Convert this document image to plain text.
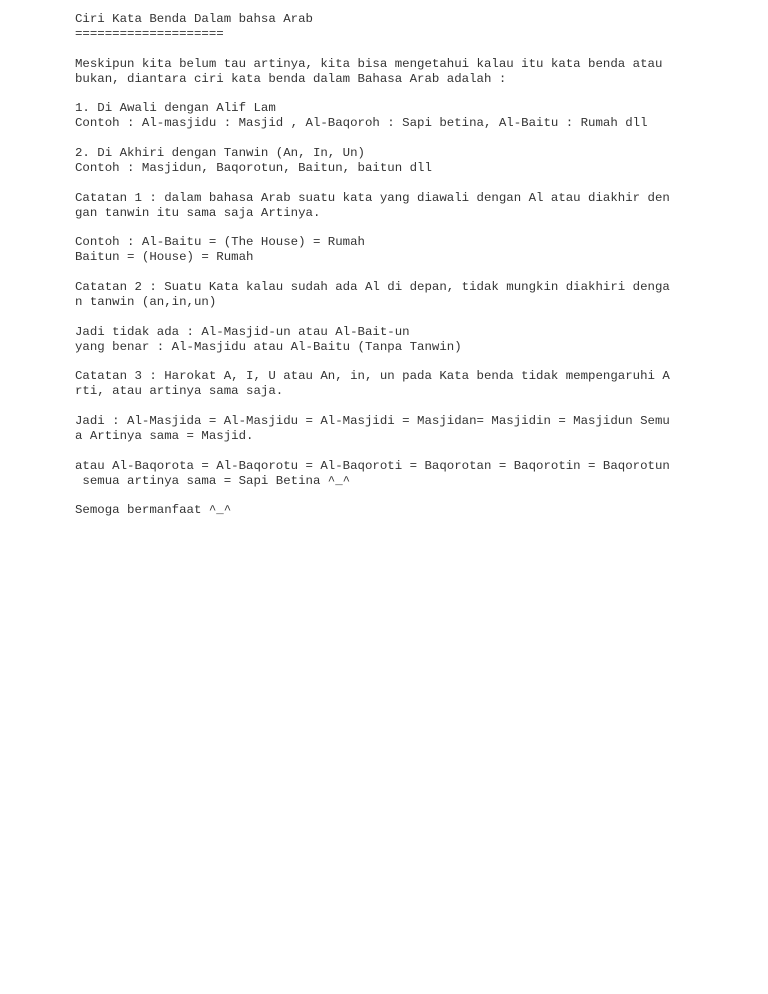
Ciri Kata Benda Dalam bahsa Arab
====================
Meskipun kita belum tau artinya, kita bisa mengetahui kalau itu kata benda atau
bukan, diantara ciri kata benda dalam Bahasa Arab adalah :
1. Di Awali dengan Alif Lam
Contoh : Al-masjidu : Masjid , Al-Baqoroh : Sapi betina, Al-Baitu : Rumah dll
2. Di Akhiri dengan Tanwin (An, In, Un)
Contoh : Masjidun, Baqorotun, Baitun, baitun dll
Catatan 1 : dalam bahasa Arab suatu kata yang diawali dengan Al atau diakhir den
gan tanwin itu sama saja Artinya.
Contoh : Al-Baitu = (The House) = Rumah
Baitun = (House) = Rumah
Catatan 2 : Suatu Kata kalau sudah ada Al di depan, tidak mungkin diakhiri denga
n tanwin (an,in,un)
Jadi tidak ada : Al-Masjid-un atau Al-Bait-un
yang benar : Al-Masjidu atau Al-Baitu (Tanpa Tanwin)
Catatan 3 : Harokat A, I, U atau An, in, un pada Kata benda tidak mempengaruhi A
rti, atau artinya sama saja.
Jadi : Al-Masjida = Al-Masjidu = Al-Masjidi = Masjidan= Masjidin = Masjidun Semu
a Artinya sama = Masjid.
atau Al-Baqorota = Al-Baqorotu = Al-Baqoroti = Baqorotan = Baqorotin = Baqorotun
semua artinya sama = Sapi Betina ^_^
Semoga bermanfaat ^_^
